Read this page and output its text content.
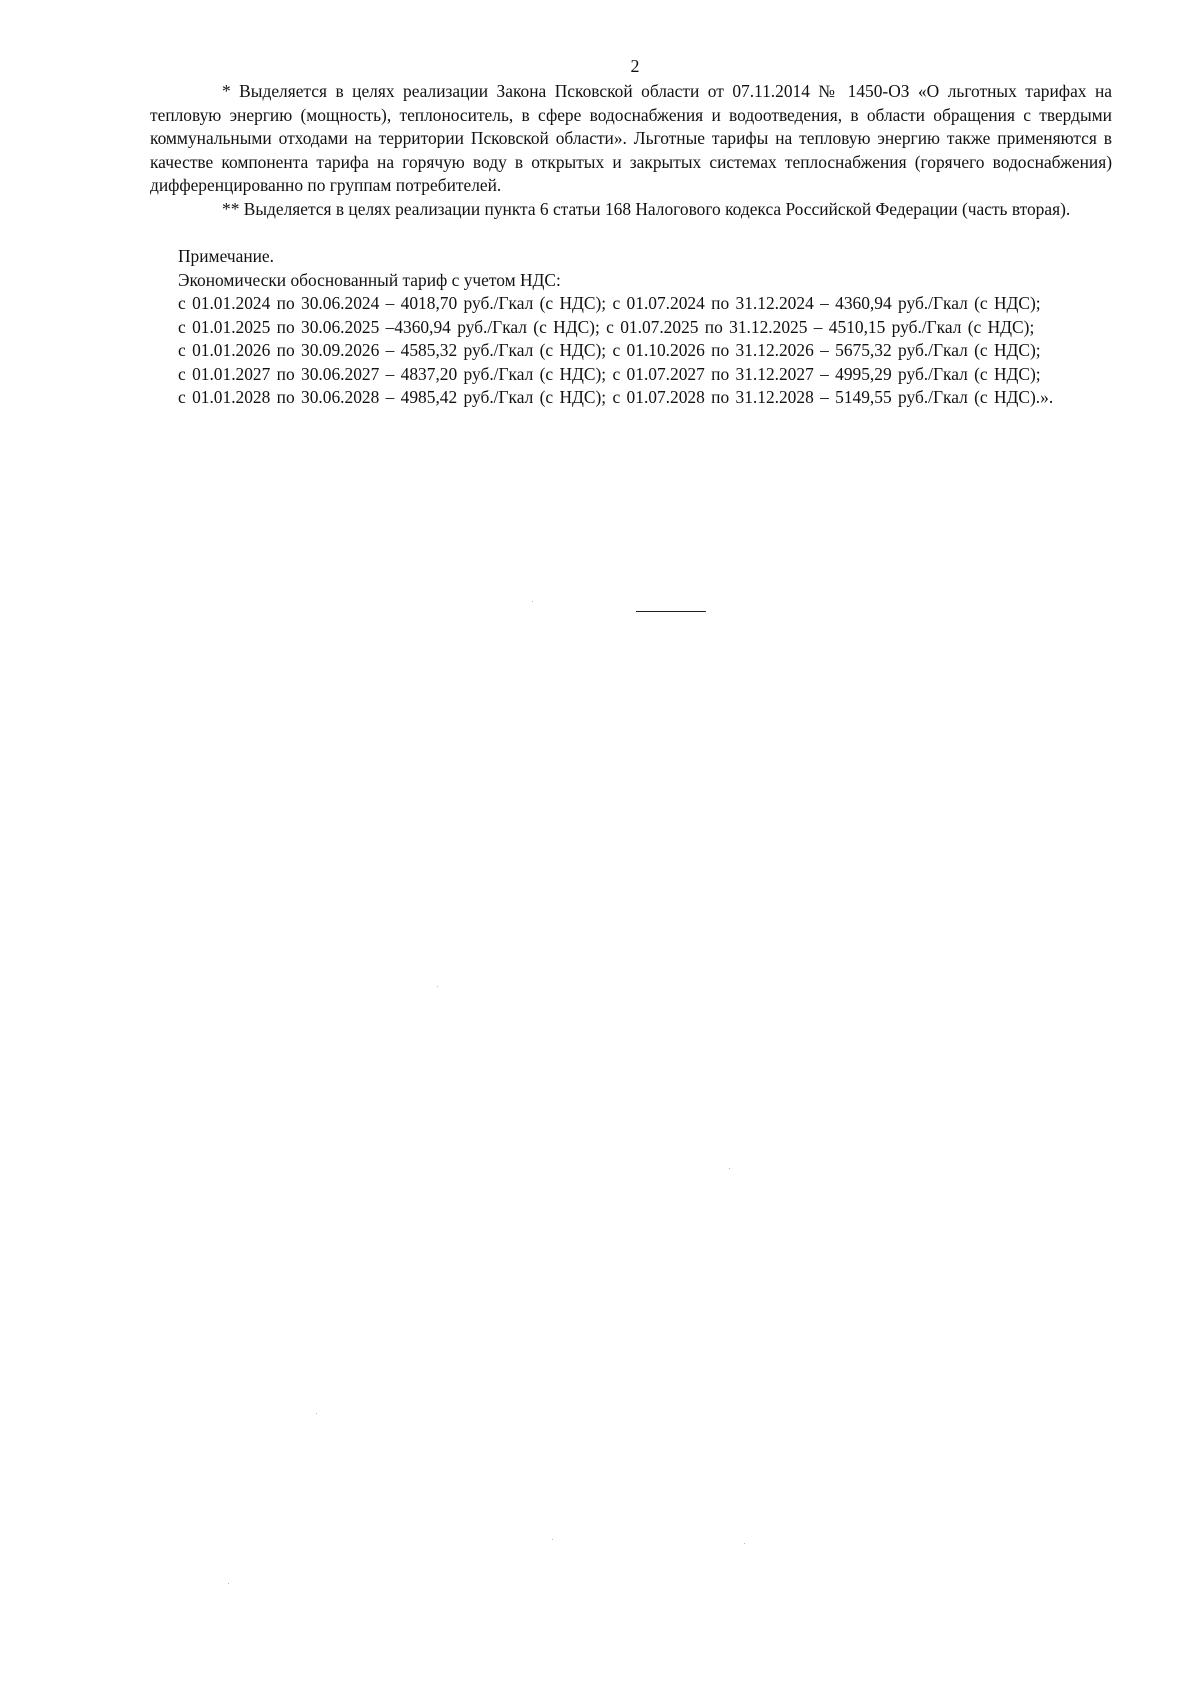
2

* Выделяется в целях реализации Закона Псковской области от 07.11.2014 № 1450-ОЗ «О льготных тарифах на тепловую энергию (мощность), теплоноситель, в сфере водоснабжения и водоотведения, в области обращения с твердыми коммунальными отходами на территории Псковской области». Льготные тарифы на тепловую энергию также применяются в качестве компонента тарифа на горячую воду в открытых и закрытых системах теплоснабжения (горячего водоснабжения) дифференцированно по группам потребителей.

** Выделяется в целях реализации пункта 6 статьи 168 Налогового кодекса Российской Федерации (часть вторая).

Примечание.

Экономически обоснованный тариф с учетом НДС:

с 01.01.2024 по 30.06.2024 – 4018,70 руб./Гкал (с НДС); с 01.07.2024 по 31.12.2024 – 4360,94 руб./Гкал (с НДС);
с 01.01.2025 по 30.06.2025 –4360,94 руб./Гкал (с НДС); с 01.07.2025 по 31.12.2025 – 4510,15 руб./Гкал (с НДС);
с 01.01.2026 по 30.09.2026 – 4585,32 руб./Гкал (с НДС); с 01.10.2026 по 31.12.2026 – 5675,32 руб./Гкал (с НДС);
с 01.01.2027 по 30.06.2027 – 4837,20 руб./Гкал (с НДС); с 01.07.2027 по 31.12.2027 – 4995,29 руб./Гкал (с НДС);
с 01.01.2028 по 30.06.2028 – 4985,42 руб./Гкал (с НДС); с 01.07.2028 по 31.12.2028 – 5149,55 руб./Гкал (с НДС).».
